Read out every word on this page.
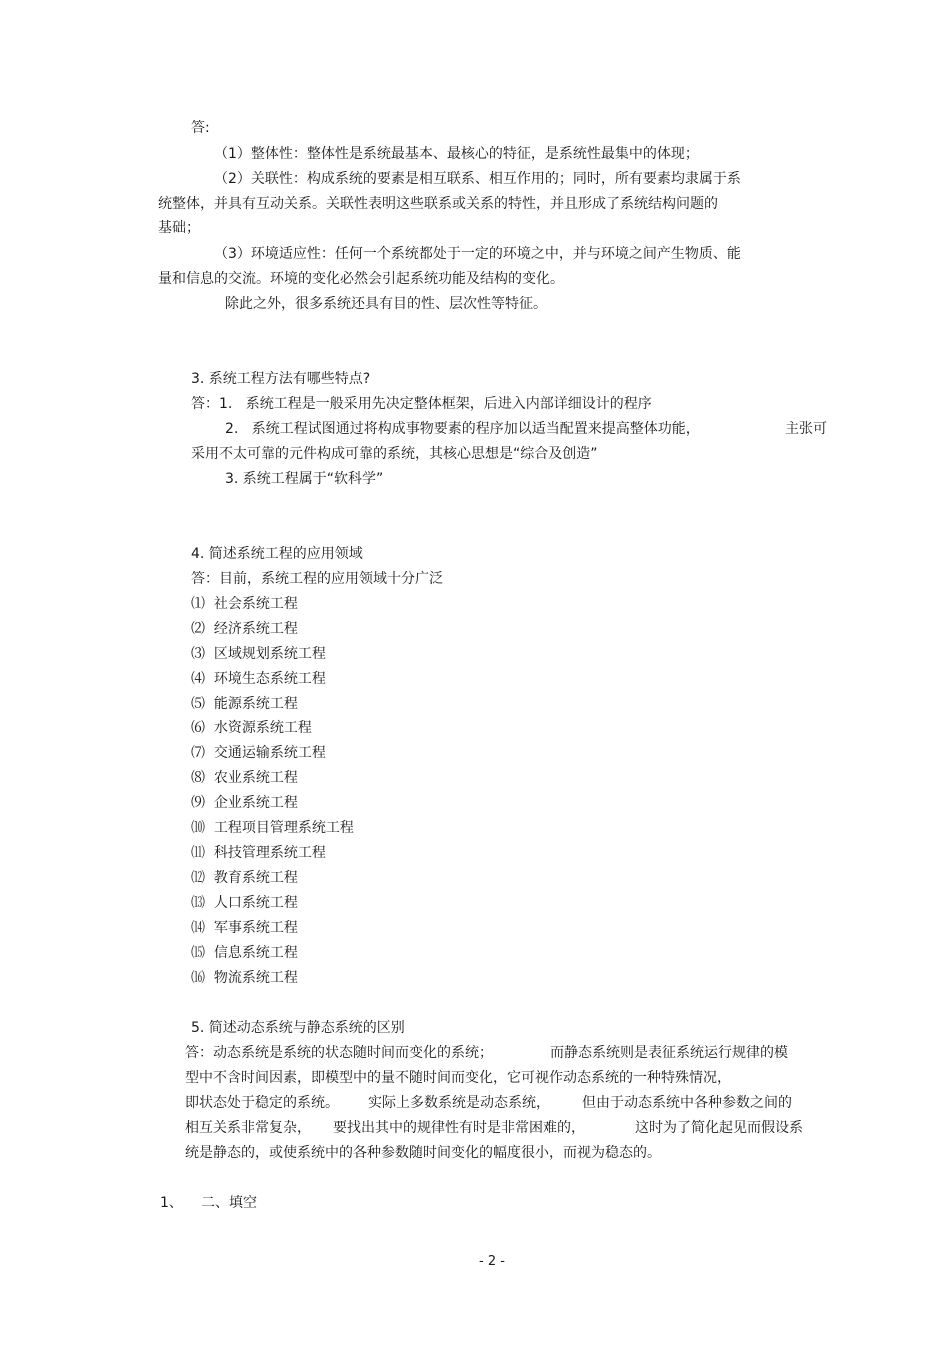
答:
（1）整体性：整体性是系统最基本、最核心的特征，是系统性最集中的体现；
（2）关联性：构成系统的要素是相互联系、相互作用的；同时，所有要素均隶属于系
统整体，并具有互动关系。关联性表明这些联系或关系的特性，并且形成了系统结构问题的
基础；
（3）环境适应性：任何一个系统都处于一定的环境之中，并与环境之间产生物质、能
量和信息的交流。环境的变化必然会引起系统功能及结构的变化。
除此之外，很多系统还具有目的性、层次性等特征。
3. 系统工程方法有哪些特点?
答：1.   系统工程是一般采用先决定整体框架，后进入内部详细设计的程序
2.   系统工程试图通过将构成事物要素的程序加以适当配置来提高整体功能，	主张可
采用不太可靠的元件构成可靠的系统，其核心思想是“综合及创造”
3. 系统工程属于“软科学”
4. 简述系统工程的应用领域
答：目前，系统工程的应用领域十分广泛
⑴  社会系统工程
⑵  经济系统工程
⑶  区域规划系统工程
⑷  环境生态系统工程
⑸  能源系统工程
⑹  水资源系统工程
⑺  交通运输系统工程
⑻  农业系统工程
⑼  企业系统工程
⑽  工程项目管理系统工程
⑾  科技管理系统工程
⑿  教育系统工程
⒀  人口系统工程
⒁  军事系统工程
⒂  信息系统工程
⒃  物流系统工程
5. 简述动态系统与静态系统的区别
答：动态系统是系统的状态随时间而变化的系统；	而静态系统则是表征系统运行规律的模
型中不含时间因素，即模型中的量不随时间而变化，它可视作动态系统的一种特殊情况，
即状态处于稳定的系统。 实际上多数系统是动态系统， 但由于动态系统中各种参数之间的
相互关系非常复杂， 要找出其中的规律性有时是非常困难的，	这时为了简化起见而假设系
统是静态的，或使系统中的各种参数随时间变化的幅度很小，而视为稳态的。
1、 二、填空
- 2 -
